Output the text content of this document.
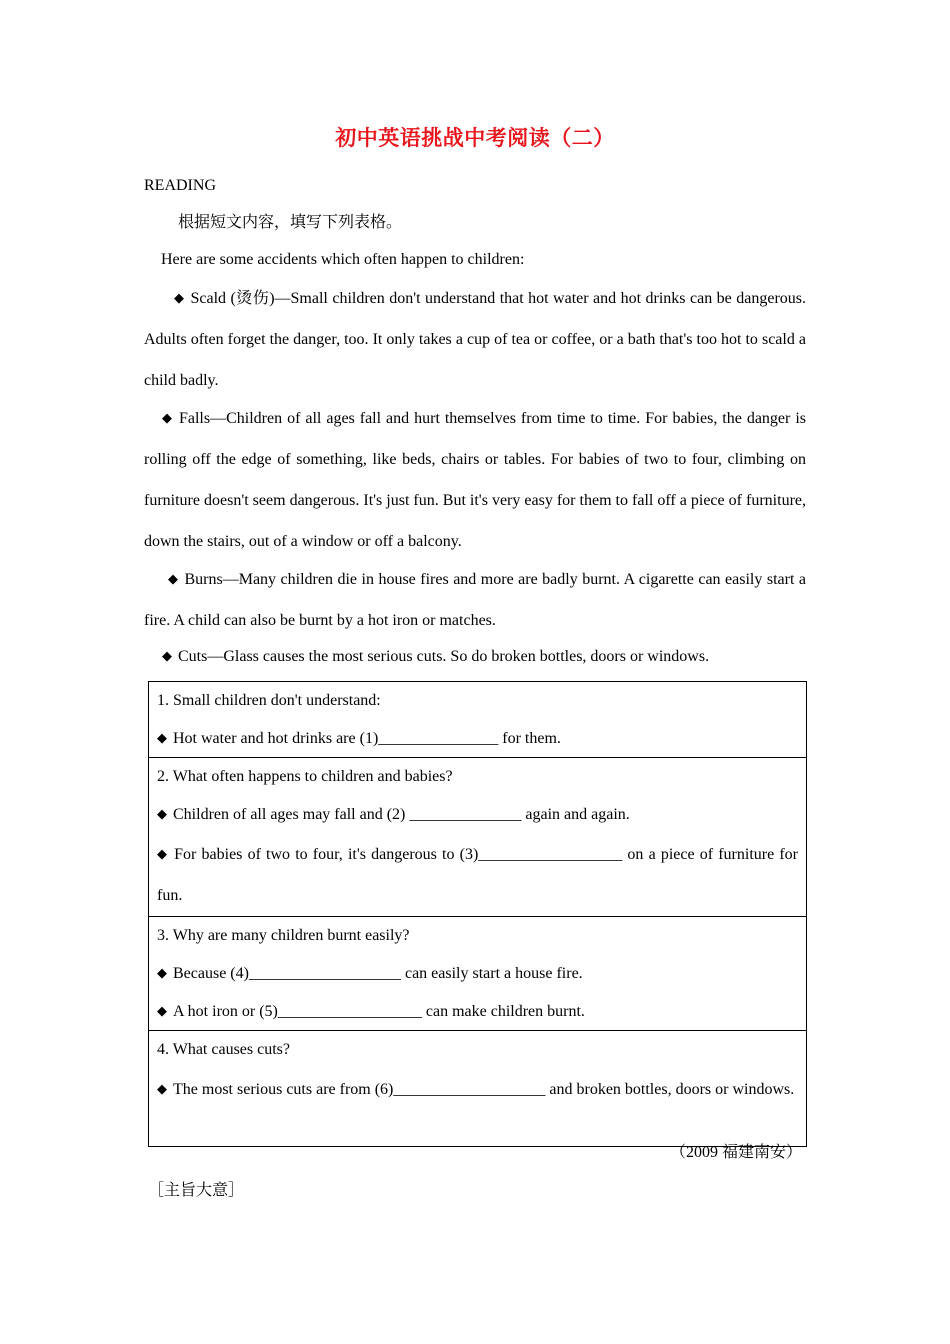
初中英语挑战中考阅读（二）
READING
根据短文内容，填写下列表格。
Here are some accidents which often happen to children:

◆ Scald (烫伤)—Small children don't understand that hot water and hot drinks can be dangerous. Adults often forget the danger, too. It only takes a cup of tea or coffee, or a bath that's too hot to scald a child badly.

◆ Falls—Children of all ages fall and hurt themselves from time to time. For babies, the danger is rolling off the edge of something, like beds, chairs or tables. For babies of two to four, climbing on furniture doesn't seem dangerous. It's just fun. But it's very easy for them to fall off a piece of furniture, down the stairs, out of a window or off a balcony.

◆ Burns—Many children die in house fires and more are badly burnt. A cigarette can easily start a fire. A child can also be burnt by a hot iron or matches.

◆ Cuts—Glass causes the most serious cuts. So do broken bottles, doors or windows.
1. Small children don't understand:
◆ Hot water and hot drinks are (1)_______________ for them.

2. What often happens to children and babies?
◆ Children of all ages may fall and (2) ______________ again and again.
◆ For babies of two to four, it's dangerous to (3)__________________ on a piece of furniture for fun.

3. Why are many children burnt easily?
◆ Because (4)___________________ can easily start a house fire.
◆ A hot iron or (5)__________________ can make children burnt.

4. What causes cuts?
◆ The most serious cuts are from (6)___________________ and broken bottles, doors or windows.
（2009 福建南安）
［主旨大意］
